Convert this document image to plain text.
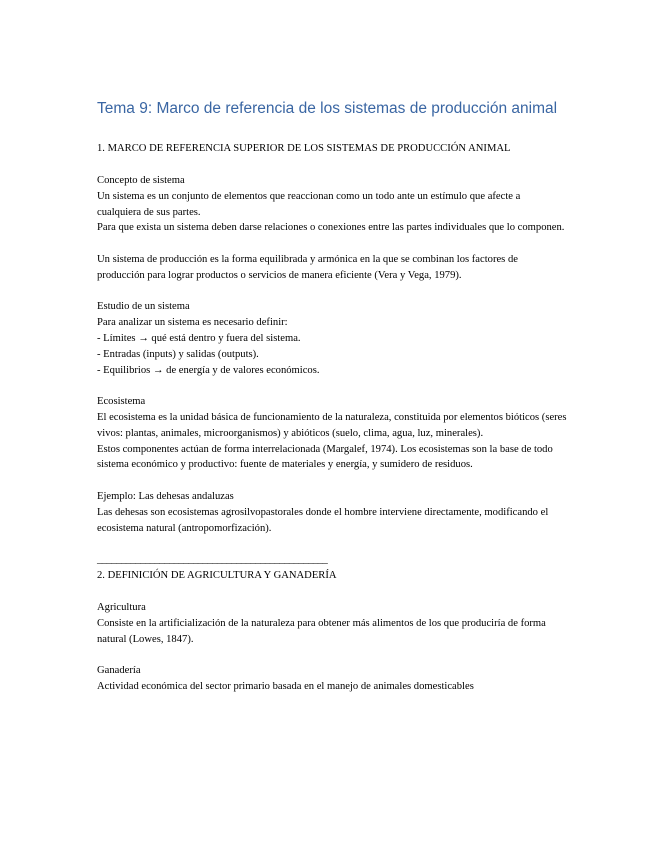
Tema 9: Marco de referencia de los sistemas de producción animal
1. MARCO DE REFERENCIA SUPERIOR DE LOS SISTEMAS DE PRODUCCIÓN ANIMAL
Concepto de sistema
Un sistema es un conjunto de elementos que reaccionan como un todo ante un estímulo que afecte a cualquiera de sus partes.
Para que exista un sistema deben darse relaciones o conexiones entre las partes individuales que lo componen.
Un sistema de producción es la forma equilibrada y armónica en la que se combinan los factores de producción para lograr productos o servicios de manera eficiente (Vera y Vega, 1979).
Estudio de un sistema
Para analizar un sistema es necesario definir:
- Límites → qué está dentro y fuera del sistema.
- Entradas (inputs) y salidas (outputs).
- Equilibrios → de energía y de valores económicos.
Ecosistema
El ecosistema es la unidad básica de funcionamiento de la naturaleza, constituida por elementos bióticos (seres vivos: plantas, animales, microorganismos) y abióticos (suelo, clima, agua, luz, minerales).
Estos componentes actúan de forma interrelacionada (Margalef, 1974). Los ecosistemas son la base de todo sistema económico y productivo: fuente de materiales y energía, y sumidero de residuos.
Ejemplo: Las dehesas andaluzas
Las dehesas son ecosistemas agrosilvopastorales donde el hombre interviene directamente, modificando el ecosistema natural (antropomorfización).
________________________________________________
2. DEFINICIÓN DE AGRICULTURA Y GANADERÍA
Agricultura
Consiste en la artificialización de la naturaleza para obtener más alimentos de los que produciría de forma natural (Lowes, 1847).
Ganadería
Actividad económica del sector primario basada en el manejo de animales domesticables
